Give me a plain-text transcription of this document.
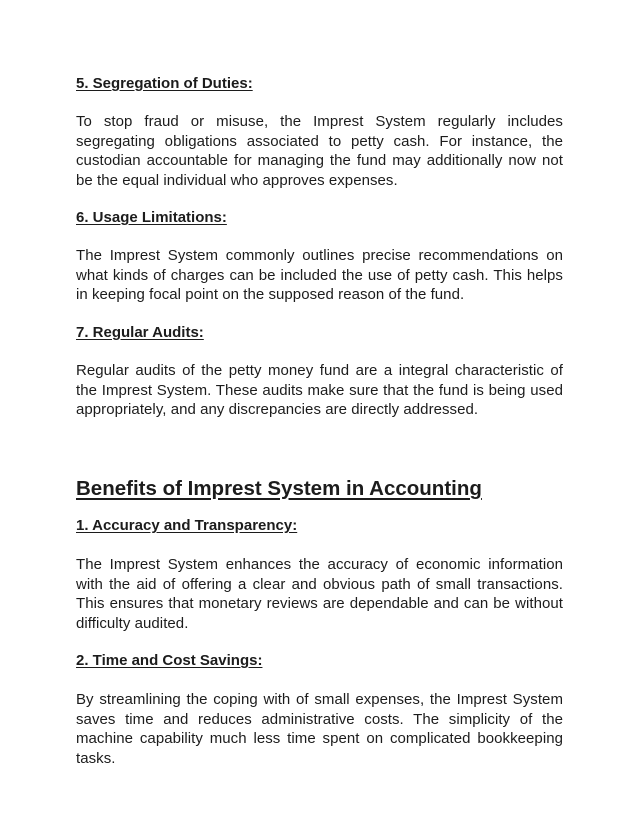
5. Segregation of Duties:

To stop fraud or misuse, the Imprest System regularly includes segregating obligations associated to petty cash. For instance, the custodian accountable for managing the fund may additionally now not be the equal individual who approves expenses.

6. Usage Limitations:

The Imprest System commonly outlines precise recommendations on what kinds of charges can be included the use of petty cash. This helps in keeping focal point on the supposed reason of the fund.

7. Regular Audits:

Regular audits of the petty money fund are a integral characteristic of the Imprest System. These audits make sure that the fund is being used appropriately, and any discrepancies are directly addressed.

Benefits of Imprest System in Accounting
1. Accuracy and Transparency:

The Imprest System enhances the accuracy of economic information with the aid of offering a clear and obvious path of small transactions. This ensures that monetary reviews are dependable and can be without difficulty audited.

2. Time and Cost Savings:

By streamlining the coping with of small expenses, the Imprest System saves time and reduces administrative costs. The simplicity of the machine capability much less time spent on complicated bookkeeping tasks.
